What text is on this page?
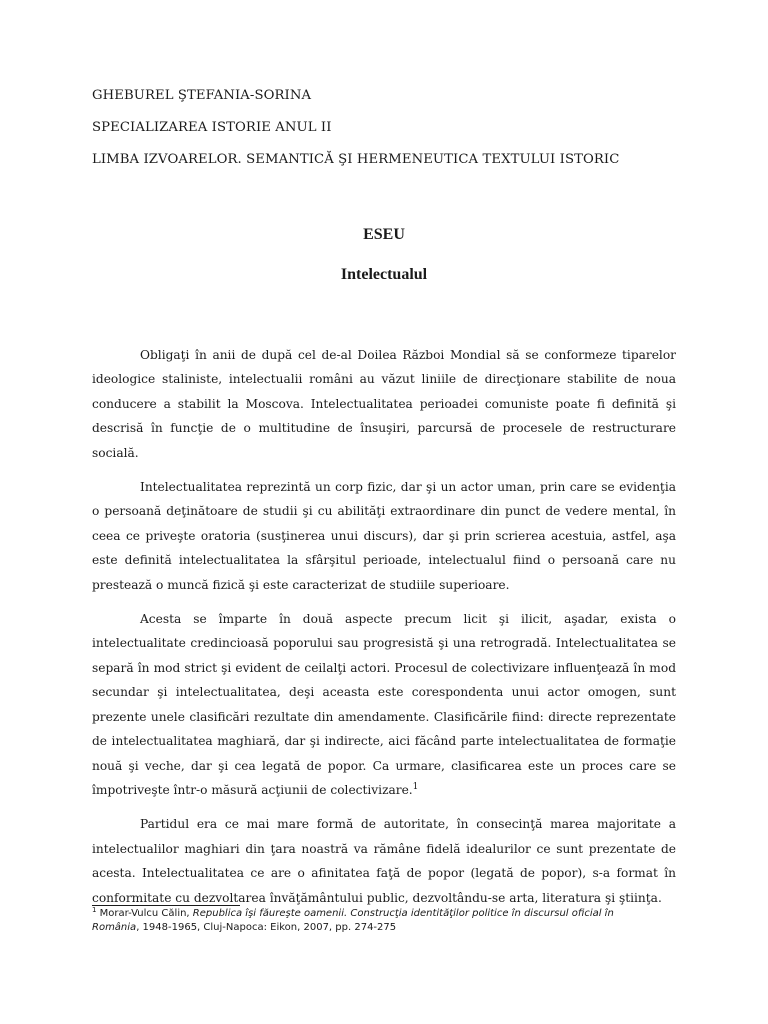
GHEBUREL ŞTEFANIA-SORINA
SPECIALIZAREA ISTORIE ANUL II
LIMBA IZVOARELOR. SEMANTICĂ ŞI HERMENEUTICA TEXTULUI ISTORIC
ESEU
Intelectualul

Obligaţi în anii de după cel de-al Doilea Război Mondial să se conformeze tiparelor ideologice staliniste, intelectualii români au văzut liniile de direcţionare stabilite de noua conducere a stabilit la Moscova. Intelectualitatea perioadei comuniste poate fi definită şi descrisă în funcţie de o multitudine de însuşiri, parcursă de procesele de restructurare socială.

Intelectualitatea reprezintă un corp fizic, dar şi un actor uman, prin care se evidenţia o persoană deţinătoare de studii şi cu abilităţi extraordinare din punct de vedere mental, în ceea ce priveşte oratoria (susţinerea unui discurs), dar şi prin scrierea acestuia, astfel, aşa este definită intelectualitatea la sfârşitul perioade, intelectualul fiind o persoană care nu prestează o muncă fizică şi este caracterizat de studiile superioare.

Acesta se împarte în două aspecte precum licit şi ilicit, aşadar, exista o intelectualitate credincioasă poporului sau progresistă şi una retrogradă. Intelectualitatea se separă în mod strict şi evident de ceilalţi actori. Procesul de colectivizare influenţează în mod secundar şi intelectualitatea, deşi aceasta este corespondenta unui actor omogen, sunt prezente unele clasificări rezultate din amendamente. Clasificările fiind: directe reprezentate de intelectualitatea maghiară, dar şi indirecte, aici făcând parte intelectualitatea de formaţie nouă şi veche, dar şi cea legată de popor. Ca urmare, clasificarea este un proces care se împotriveşte într-o măsură acţiunii de colectivizare.$^1$

Partidul era ce mai mare formă de autoritate, în consecinţă marea majoritate a intelectualilor maghiari din ţara noastră va rămâne fidelă idealurilor ce sunt prezentate de acesta. Intelectualitatea ce are o afinitatea faţă de popor (legată de popor), s-a format în conformitate cu dezvoltarea învăţământului public, dezvoltându-se arta, literatura şi ştiinţa.

$^1$ Morar-Vulcu Călin, Republica îşi făureşte oamenii. Construcţia identităţilor politice în discursul oficial în România, 1948-1965, Cluj-Napoca: Eikon, 2007, pp. 274-275
